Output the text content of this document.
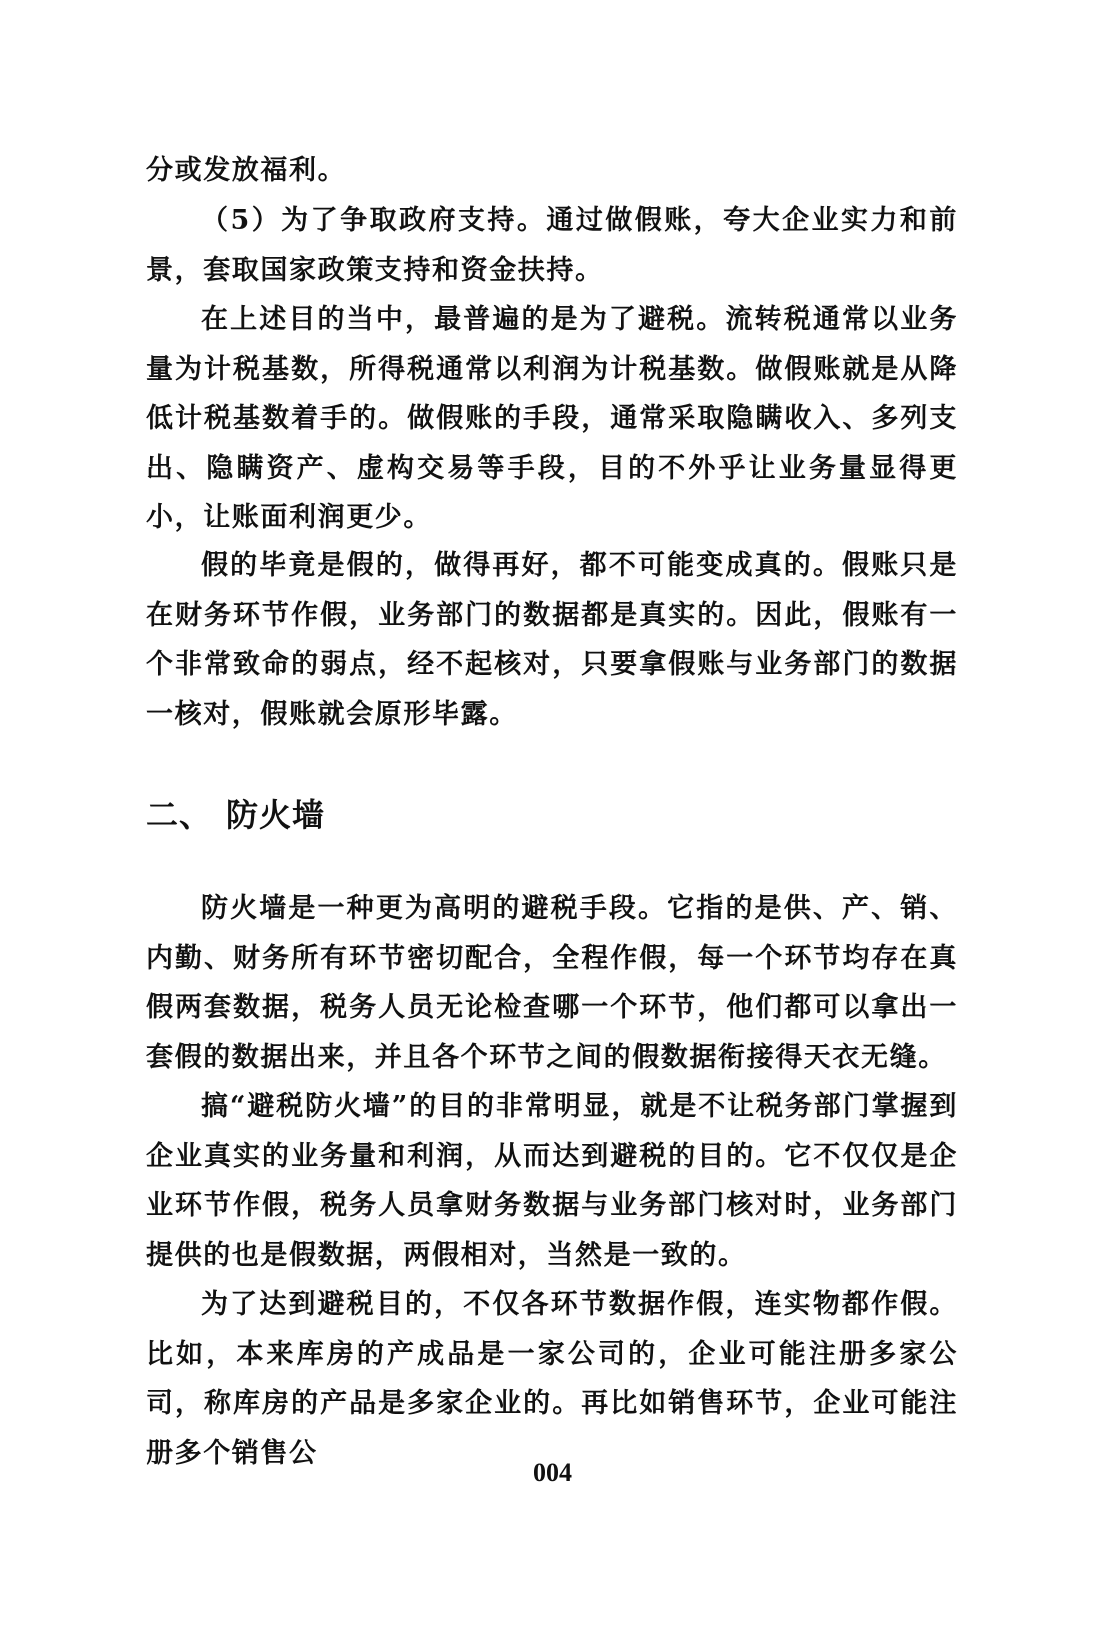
分或发放福利。

（5）为了争取政府支持。通过做假账，夸大企业实力和前景，套取国家政策支持和资金扶持。

在上述目的当中，最普遍的是为了避税。流转税通常以业务量为计税基数，所得税通常以利润为计税基数。做假账就是从降低计税基数着手的。做假账的手段，通常采取隐瞒收入、多列支出、隐瞒资产、虚构交易等手段，目的不外乎让业务量显得更小，让账面利润更少。

假的毕竟是假的，做得再好，都不可能变成真的。假账只是在财务环节作假，业务部门的数据都是真实的。因此，假账有一个非常致命的弱点，经不起核对，只要拿假账与业务部门的数据一核对，假账就会原形毕露。

二、 防火墙

防火墙是一种更为高明的避税手段。它指的是供、产、销、内勤、财务所有环节密切配合，全程作假，每一个环节均存在真假两套数据，税务人员无论检查哪一个环节，他们都可以拿出一套假的数据出来，并且各个环节之间的假数据衔接得天衣无缝。

搞“避税防火墙”的目的非常明显，就是不让税务部门掌握到企业真实的业务量和利润，从而达到避税的目的。它不仅仅是企业环节作假，税务人员拿财务数据与业务部门核对时，业务部门提供的也是假数据，两假相对，当然是一致的。

为了达到避税目的，不仅各环节数据作假，连实物都作假。比如，本来库房的产成品是一家公司的，企业可能注册多家公司，称库房的产品是多家企业的。再比如销售环节，企业可能注册多个销售公

004
